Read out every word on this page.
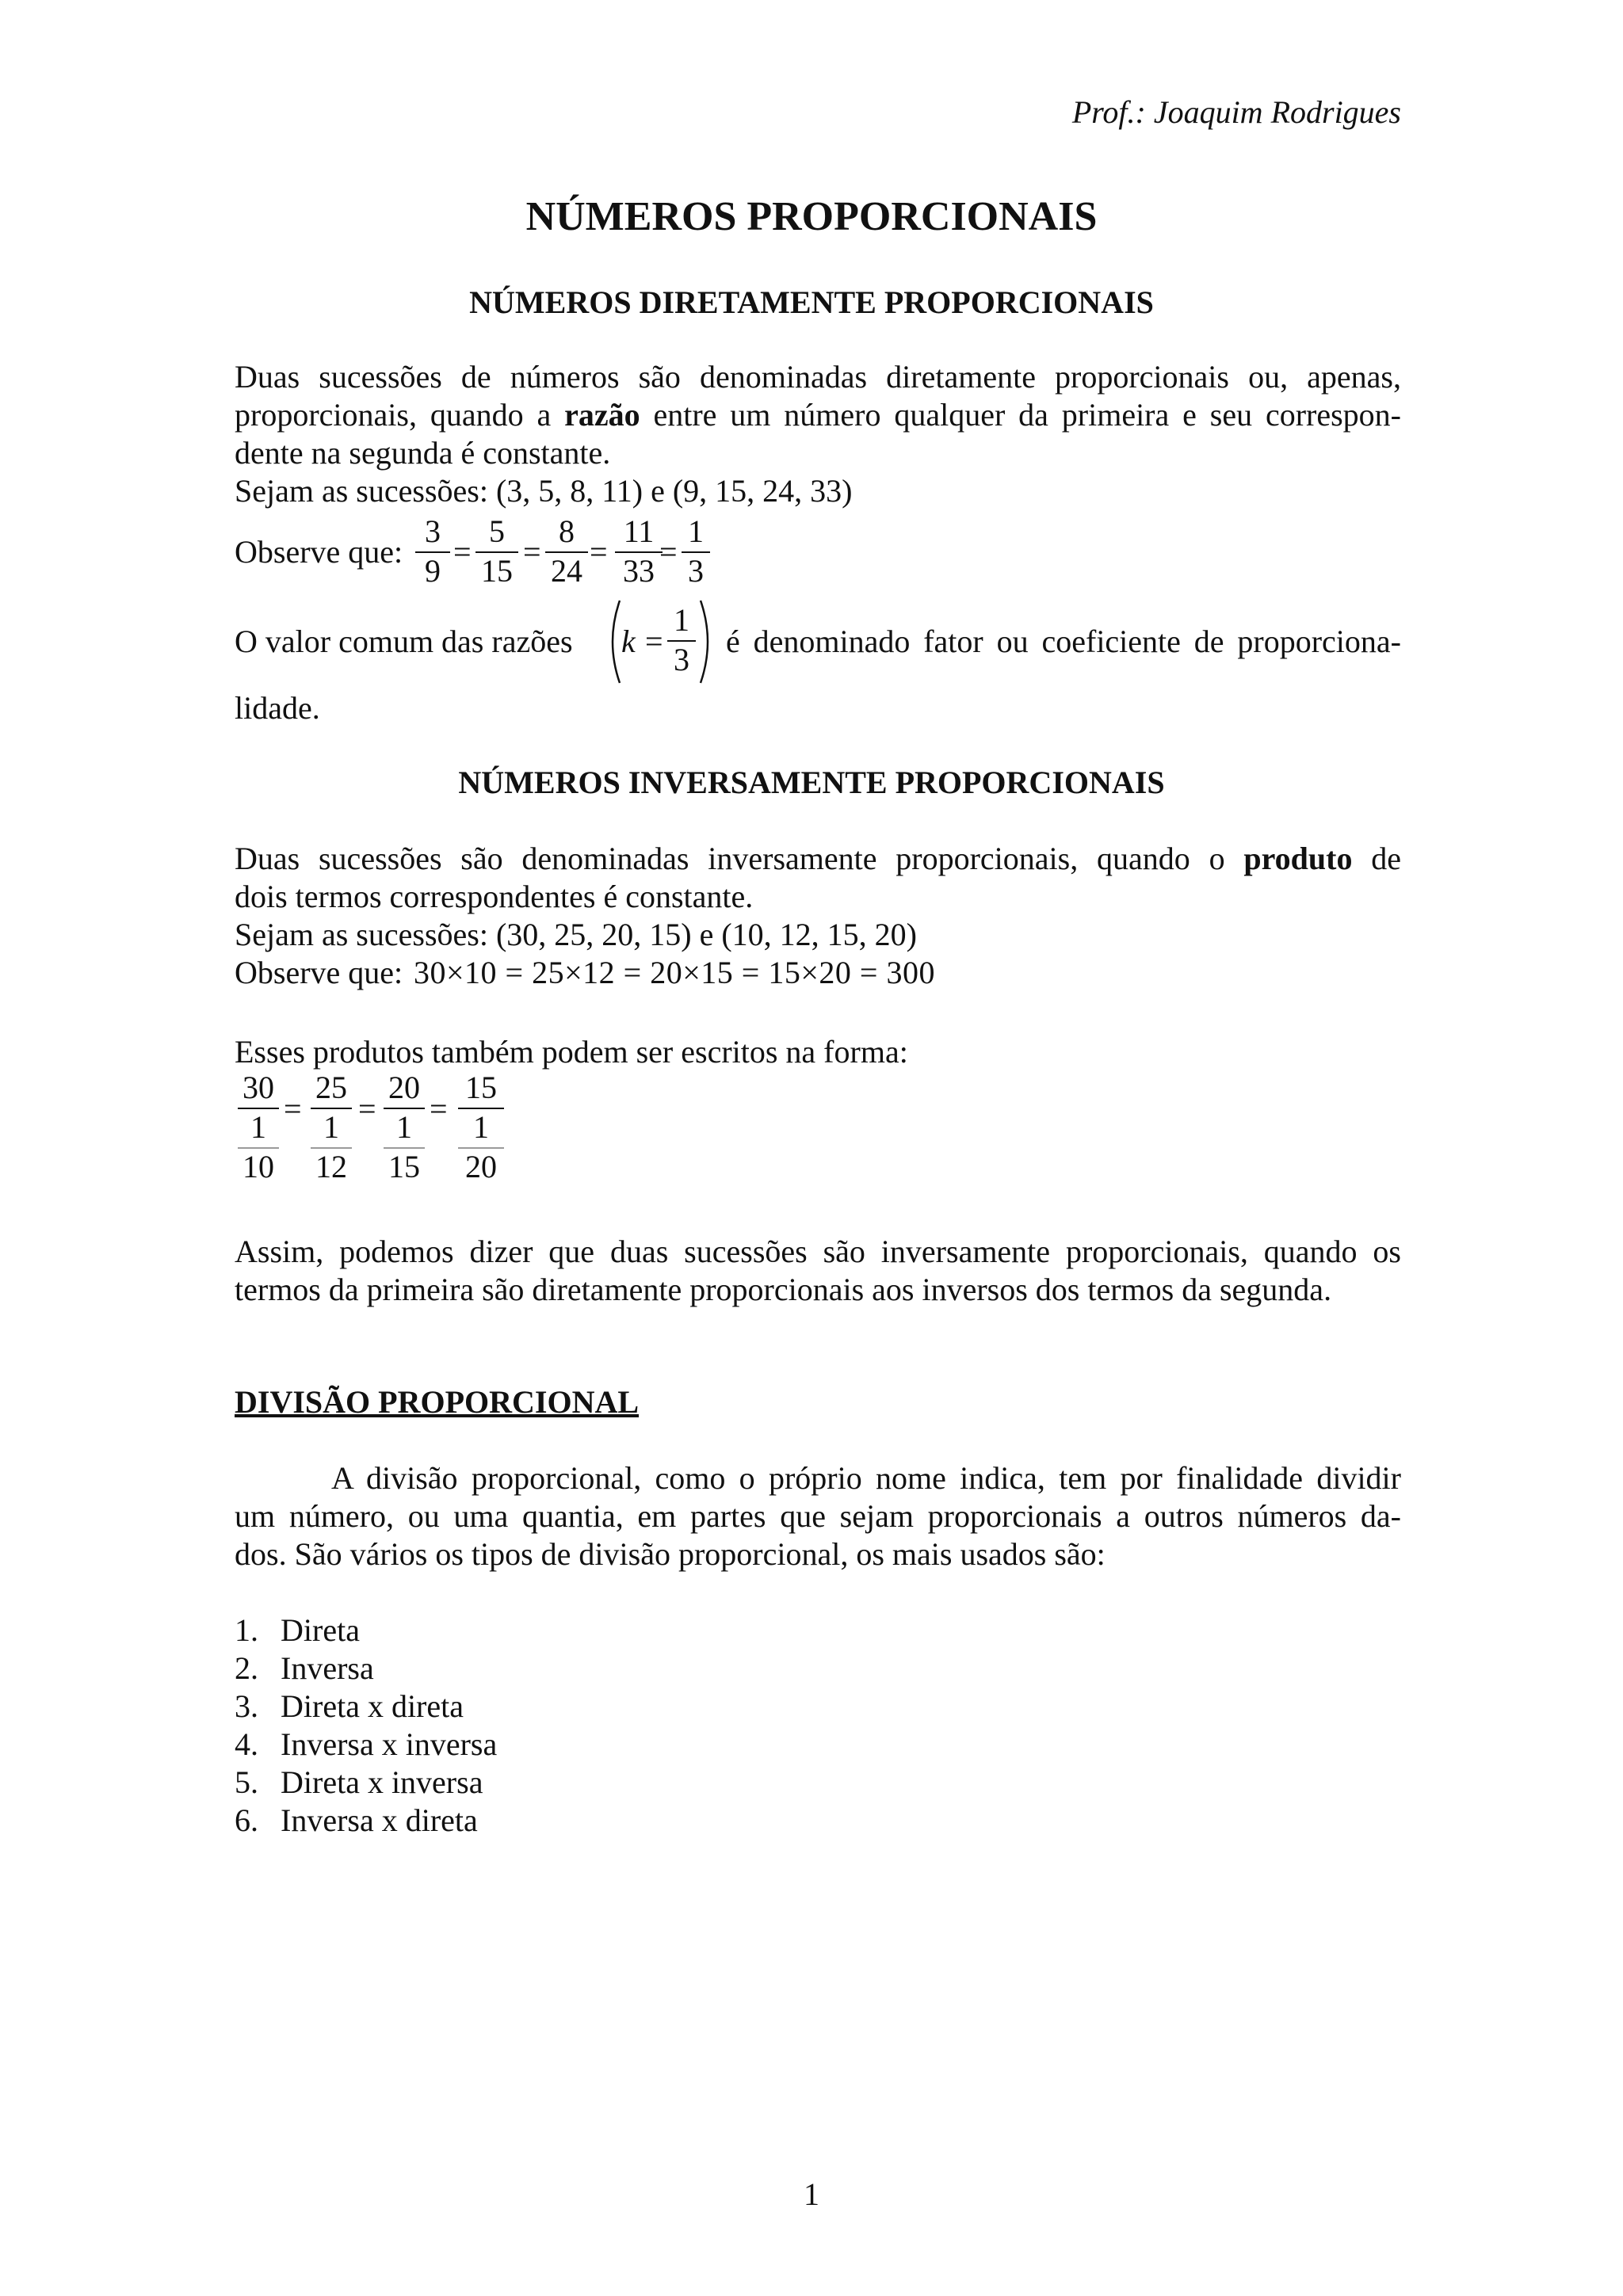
Prof.: Joaquim Rodrigues
NÚMEROS PROPORCIONAIS
NÚMEROS DIRETAMENTE PROPORCIONAIS
Duas sucessões de números são denominadas diretamente proporcionais ou, apenas,
proporcionais, quando a razão entre um número qualquer da primeira e seu correspon-
dente na segunda é constante.
Sejam as sucessões: (3, 5, 8, 11) e (9, 15, 24, 33)
Observe que:
3
9
=
5
15
=
8
24
=
11
33
=
1
3
O valor comum das razões k =
1
3
é denominado fator ou coeficiente de proporciona-
lidade.
NÚMEROS INVERSAMENTE PROPORCIONAIS
Duas sucessões são denominadas inversamente proporcionais, quando o produto de
dois termos correspondentes é constante.
Sejam as sucessões: (30, 25, 20, 15) e (10, 12, 15, 20)
Observe que: 30×10 = 25×12 = 20×15 = 15×20 = 300
Esses produtos também podem ser escritos na forma:
30
1
10
=
25
1
12
=
20
1
15
=
15
1
20
Assim, podemos dizer que duas sucessões são inversamente proporcionais, quando os
termos da primeira são diretamente proporcionais aos inversos dos termos da segunda.
DIVISÃO PROPORCIONAL
A divisão proporcional, como o próprio nome indica, tem por finalidade dividir
um número, ou uma quantia, em partes que sejam proporcionais a outros números da-
dos. São vários os tipos de divisão proporcional, os mais usados são:
1. Direta
2. Inversa
3. Direta x direta
4. Inversa x inversa
5. Direta x inversa
6. Inversa x direta
1
